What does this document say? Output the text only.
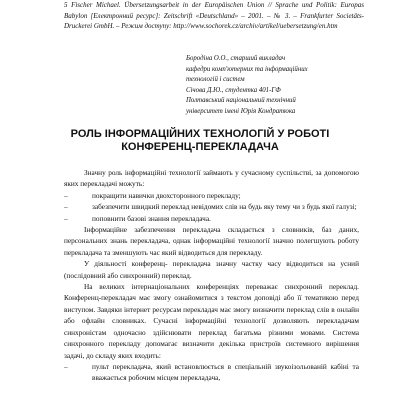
5 Fischer Michael. Übersetzungsarbeit in der Europäischen Union // Sprache und Politik: Europas Babylon [Електронний ресурс]: Zeitschrift «Deutschland» – 2001. – № 3. – Frankfurter Societäts-Druckerei GmbH. – Режим доступу: http://www.sochorek.cz/archiv/artikel/uebersetzung/en.htm
Бородіна О.О., старший викладач
кафедри комп'ютерних та інформаційних
технологій і систем
Січова Д.Ю., студентка 401-ГФ
Полтавський національний технічний
університет імені Юрія Кондратюка
РОЛЬ ІНФОРМАЦІЙНИХ ТЕХНОЛОГІЙ У РОБОТІ
КОНФЕРЕНЦ-ПЕРЕКЛАДАЧА

Значну роль інформаційні технології займають у сучасному суспільстві, за допомогою яких перекладачі можуть:

–	покращити навички двохсторонного перекладу;

–	забезпечити швидкий переклад невідомих слів на будь яку тему чи з будь якої галузі;

–	поповнити базові знання перекладача.

Інформаційне забезпечення перекладача складається з словників, баз даних, персональних знань перекладача, однак інформаційні технології значно полегшують роботу перекладача та зменшують час який відводиться для перекладу.

У діяльності конференц- перекладача значну частку часу відводиться на усний (послідовний або синхронний) переклад.

На великих інтернаціональних конференціях переважає синхронний переклад. Конференц-перекладач має змогу ознайомитися з текстом доповіді або її тематикою перед виступом. Завдяки інтернет ресурсам перекладач має змогу визначити переклад слів в онлайн або офлайн словниках. Сучасні інформаційні технології дозволяють перекладачам синхроністам одночасно здійснювати переклад багатьма різними мовами. Система синхронного перекладу допомагає визначити декілька пристроїв системного вирішення задачі, до складу яких входить:

–	пульт перекладача, який встановлюється в спеціальній звукоізольованій кабіні та вважається робочим місцем перекладача,
